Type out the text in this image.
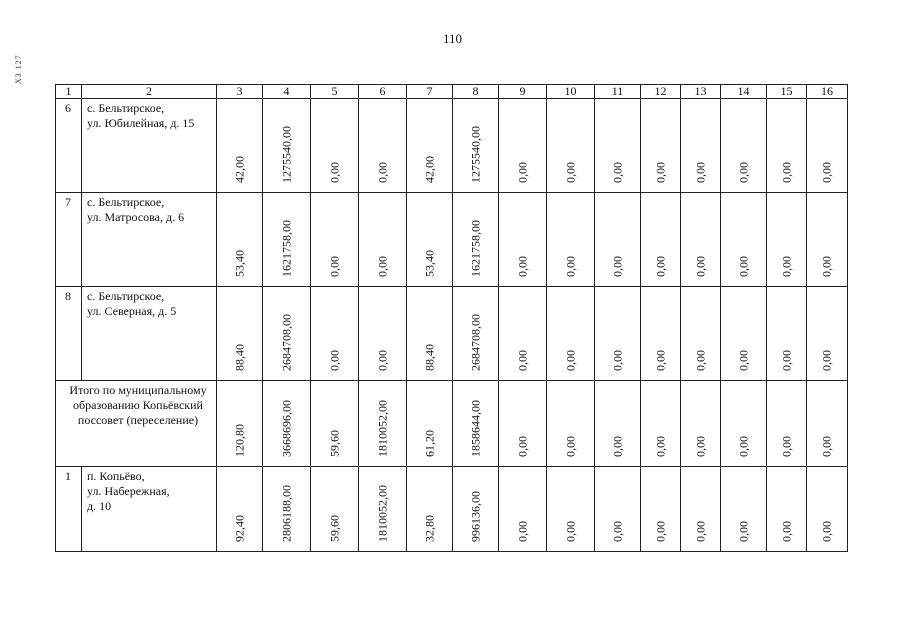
110
ХЗ 127
1	2	3	4	5	6	7	8	9	10	11	12	13	14	15	16
6	с. Бельтирское,
ул. Юбилейная, д. 15	42,00	1275540,00	0,00	0,00	42,00	1275540,00	0,00	0,00	0,00	0,00	0,00	0,00	0,00	0,00

7	с. Бельтирское,
ул. Матросова, д. 6	53,40	1621758,00	0,00	0,00	53,40	1621758,00	0,00	0,00	0,00	0,00	0,00	0,00	0,00	0,00

8	с. Бельтирское,
ул. Северная, д. 5	88,40	2684708,00	0,00	0,00	88,40	2684708,00	0,00	0,00	0,00	0,00	0,00	0,00	0,00	0,00

Итого по муниципальному
образованию Копьёвский
поссовет (переселение)		120,80	3668696,00	59,60	1810052,00	61,20	1858644,00	0,00	0,00	0,00	0,00	0,00	0,00	0,00	0,00

1	п. Копьёво,
ул. Набережная,
д. 10	92,40	2806188,00	59,60	1810052,00	32,80	996136,00	0,00	0,00	0,00	0,00	0,00	0,00	0,00	0,00
